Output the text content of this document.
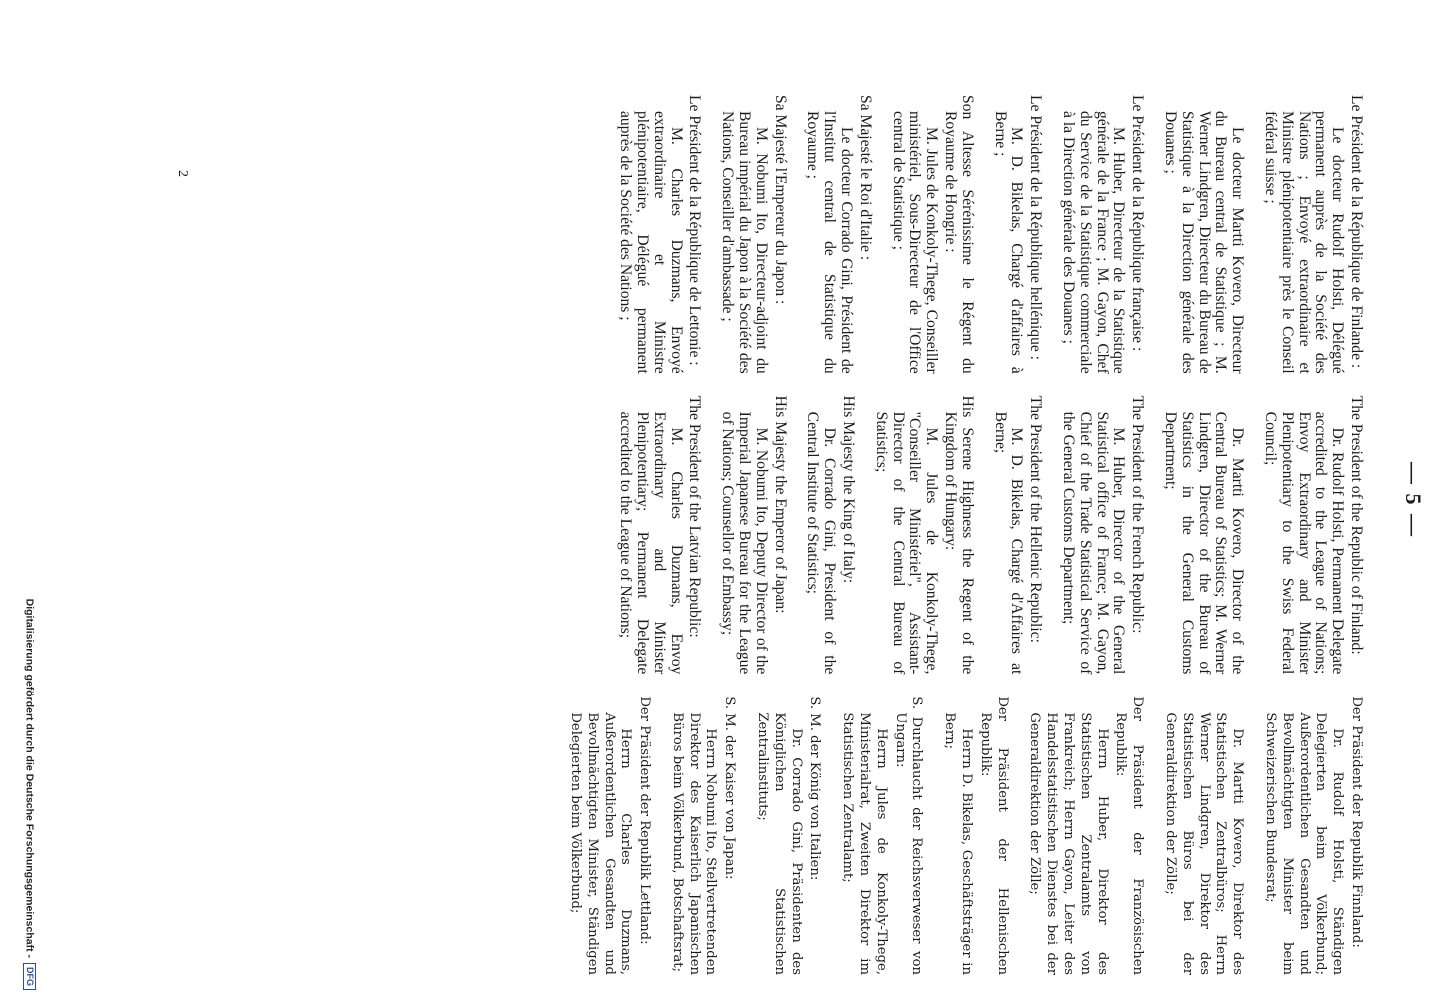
— 5 —
Le Président de la République de Finlande :
Le docteur Rudolf Holsti, Délégué permanent auprès de la Société des Nations ; Envoyé extraordinaire et Ministre plénipotentiaire près le Conseil fédéral suisse ;
Le docteur Martti Kovero, Directeur du Bureau central de Statistique ; M. Werner Lindgren, Directeur du Bureau de Statistique à la Direction générale des Douanes ;
Le Président de la République française :
M. Huber, Directeur de la Statistique générale de la France ; M. Gayon, Chef du Service de la Statistique commerciale à la Direction générale des Douanes ;
Le Président de la République hellénique :
M. D. Bikelas, Chargé d'affaires à Berne ;
Son Altesse Sérénissime le Régent du Royaume de Hongrie :
M. Jules de Konkoly-Thege, Conseiller ministériel, Sous-Directeur de l'Office central de Statistique ;
Sa Majesté le Roi d'Italie :
Le docteur Corrado Gini, Président de l'Institut central de Statistique du Royaume ;
Sa Majesté l'Empereur du Japon :
M. Nobumi Ito, Directeur-adjoint du Bureau impérial du Japon à la Société des Nations, Conseiller d'ambassade ;
Le Président de la République de Lettonie :
M. Charles Duzmans, Envoyé extraordinaire et Ministre plénipotentiaire, Délégué permanent auprès de la Société des Nations ;
The President of the Republic of Finland:
Dr. Rudolf Holsti, Permanent Delegate accredited to the League of Nations; Envoy Extraordinary and Minister Plenipotentiary to the Swiss Federal Council;
Dr. Martti Kovero, Director of the Central Bureau of Statistics; M. Werner Lindgren, Director of the Bureau of Statistics in the General Customs Department;
The President of the French Republic:
M. Huber, Director of the General Statistical office of France; M. Gayon, Chief of the Trade Statistical Service of the General Customs Department;
The President of the Hellenic Republic:
M. D. Bikelas, Chargé d'Affaires at Berne;
His Serene Highness the Regent of the Kingdom of Hungary:
M. Jules de Konkoly-Thege, "Conseiller Ministériel", Assistant-Director of the Central Bureau of Statistics;
His Majesty the King of Italy:
Dr. Corrado Gini, President of the Central Institute of Statistics;
His Majesty the Emperor of Japan:
M. Nobumi Ito, Deputy Director of the Imperial Japanese Bureau for the League of Nations; Counsellor of Embassy;
The President of the Latvian Republic:
M. Charles Duzmans, Envoy Extraordinary and Minister Plenipotentiary; Permanent Delegate accredited to the League of Nations;
Der Präsident der Republik Finnland:
Dr. Rudolf Holsti, Ständigen Delegierten beim Völkerbund; Außerordentlichen Gesandten und Bevollmächtigten Minister beim Schweizerischen Bundesrat;
Dr. Martti Kovero, Direktor des Statistischen Zentralbüros; Herrn Werner Lindgren, Direktor des Statistischen Büros bei der Generaldirektion der Zölle;
Der Präsident der Französischen Republik:
Herrn Huber, Direktor des Statistischen Zentralamts von Frankreich; Herrn Gayon, Leiter des Handelsstatistischen Dienstes bei der Generaldirektion der Zölle;
Der Präsident der Hellenischen Republik:
Herrn D. Bikelas, Geschäftsträger in Bern;
S. Durchlaucht der Reichsverweser von Ungarn:
Herrn Jules de Konkoly-Thege, Ministerialrat, Zweiten Direktor im Statistischen Zentralamt;
S. M. der König von Italien:
Dr. Corrado Gini, Präsidenten des Königlichen Statistischen Zentralinstituts;
S. M. der Kaiser von Japan:
Herrn Nobumi Ito, Stellvertretenden Direktor des Kaiserlich Japanischen Büros beim Völkerbund, Botschaftsrat;
Der Präsident der Republik Lettland:
Herrn Charles Duzmans, Außerordentlichen Gesandten und Bevollmächtigten Minister, Ständigen Delegierten beim Völkerbund;
2
Digitalisierung gefördert durch die Deutsche Forschungsgemeinschaft -DFG
